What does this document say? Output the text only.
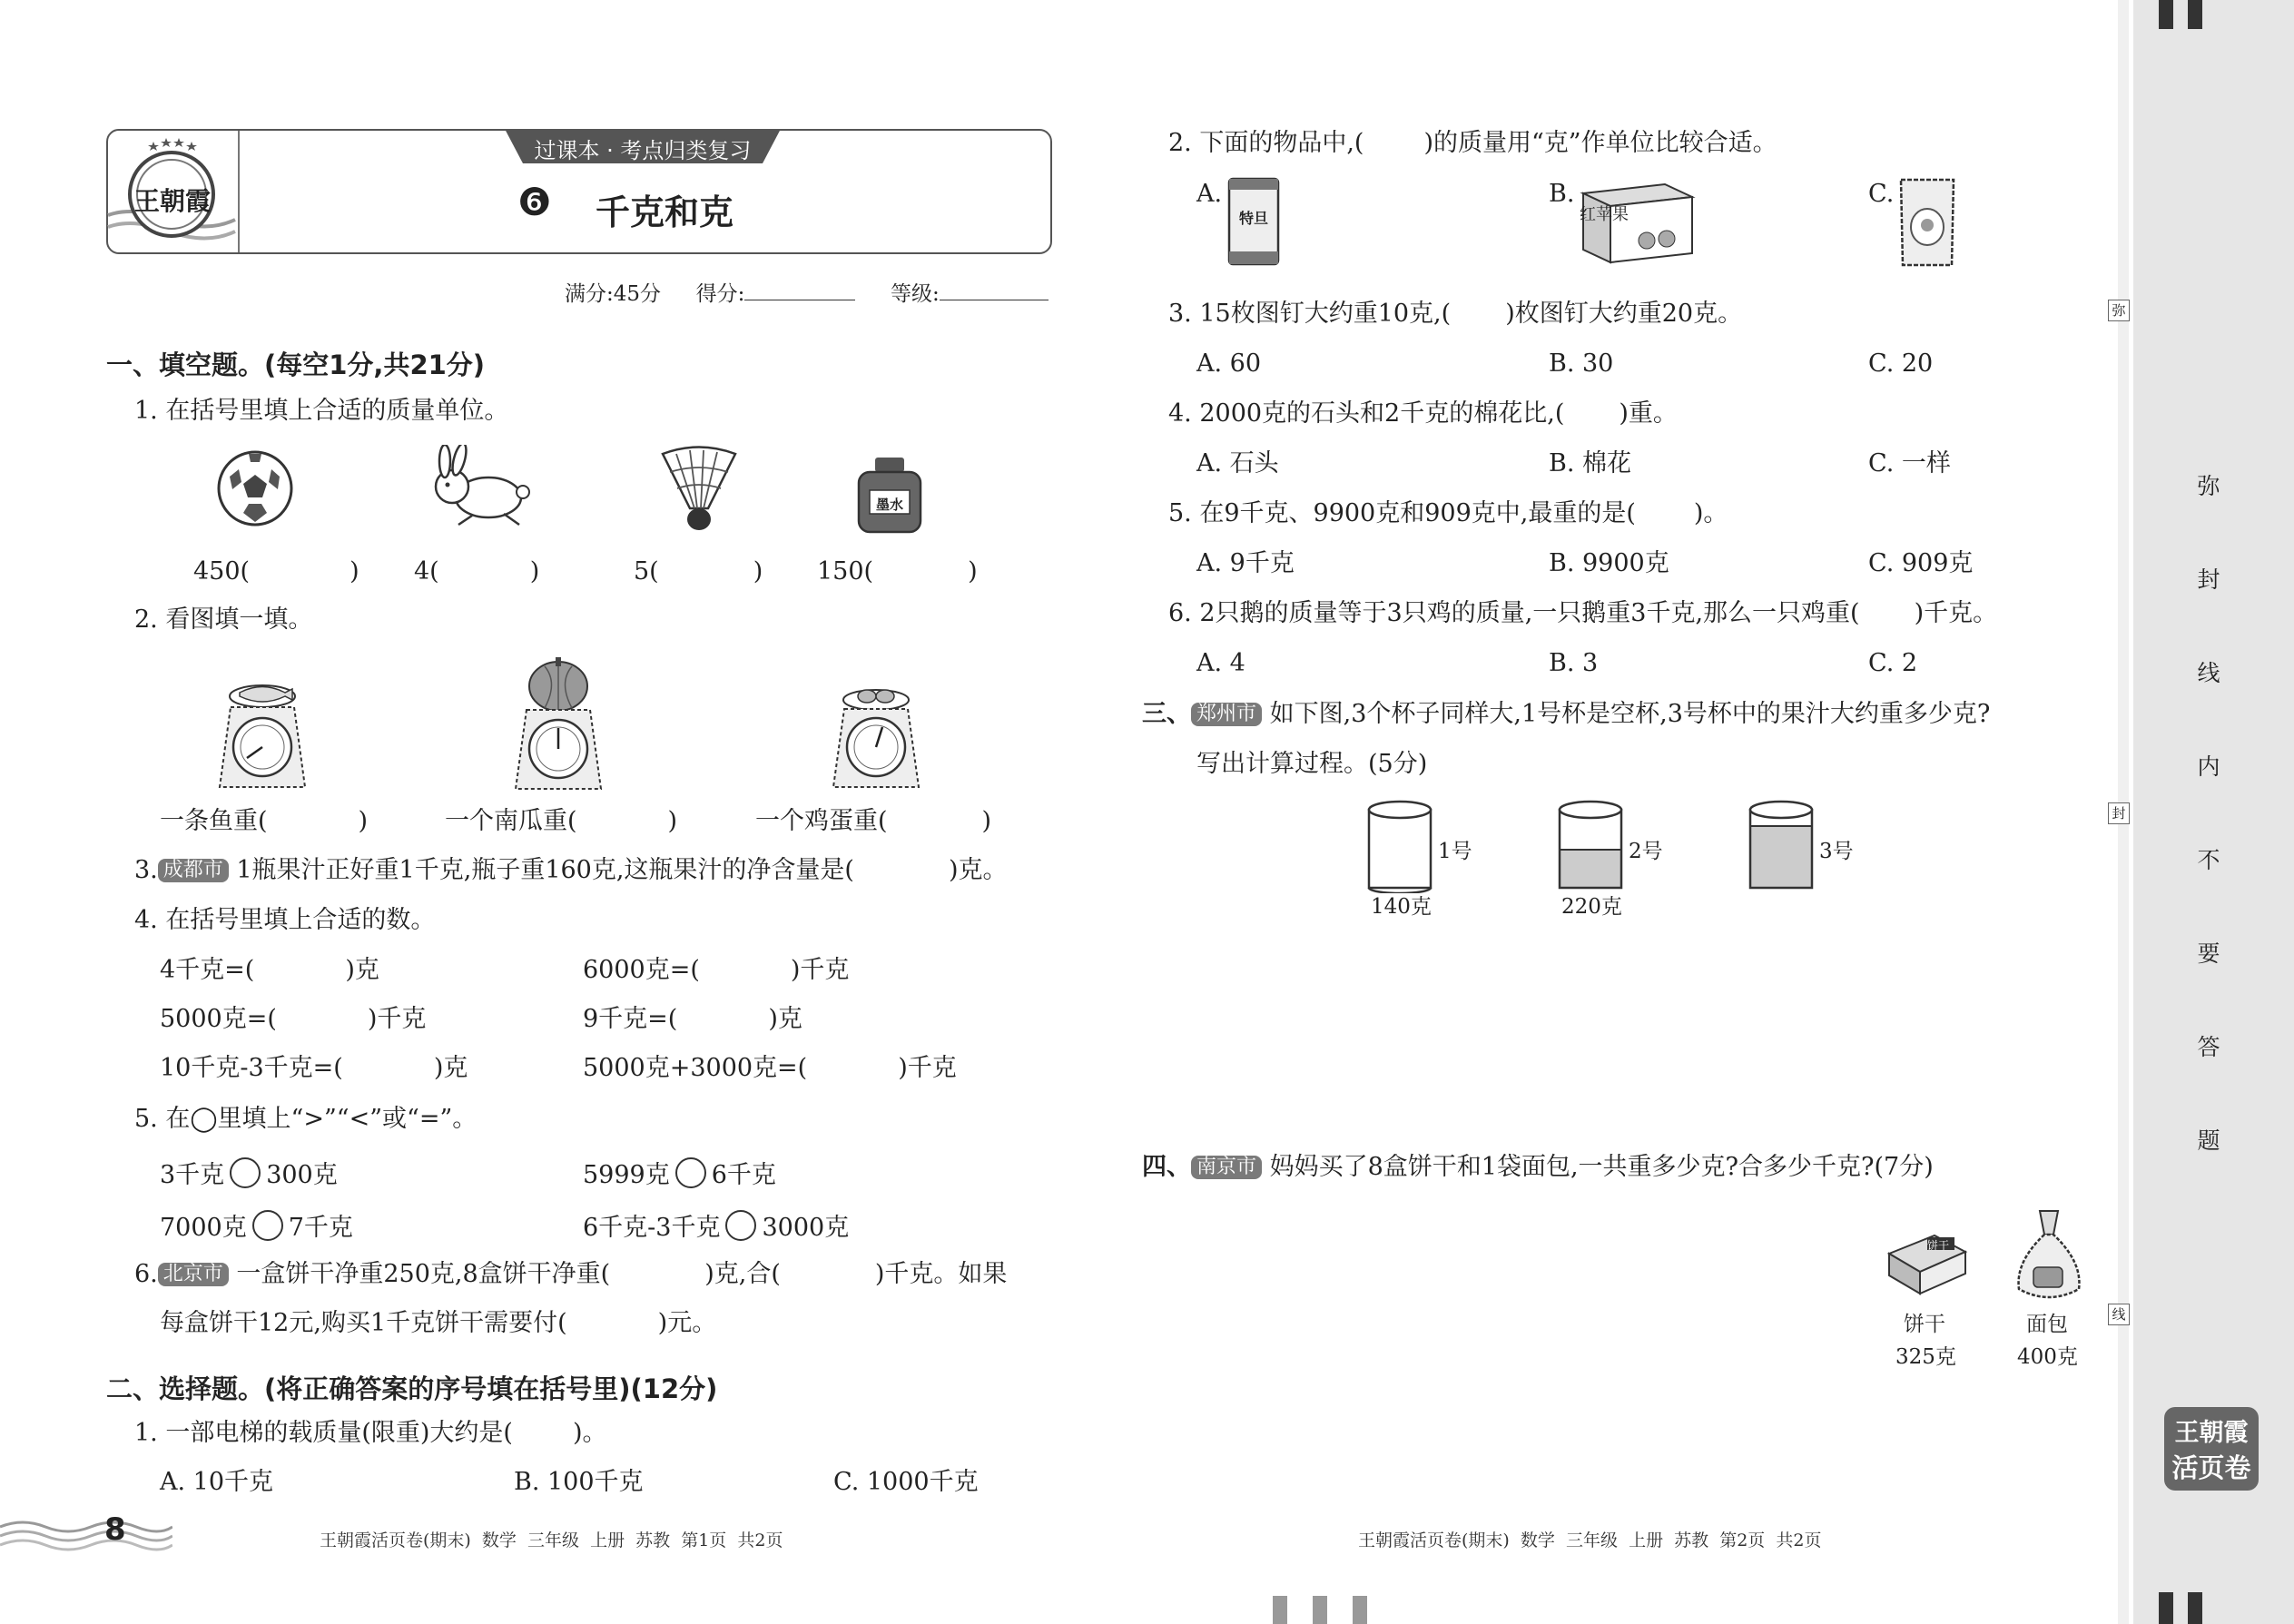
王朝霞
过课本 · 考点归类复习
❻ 千克和克
满分:45分 得分:	等级:
一、填空题。(每空1分,共21分)
1. 在括号里填上合适的质量单位。
墨水
450(	) 4(	)	5(	) 150(	)
2. 看图填一填。
一条鱼重(	)	一个南瓜重(	)	一个鸡蛋重(	)
3. 成都市 1瓶果汁正好重1千克,瓶子重160克,这瓶果汁的净含量是(	)克。
4. 在括号里填上合适的数。
4千克=(	)克	6000克=(	)千克
5000克=(	)千克	9千克=(	)克
10千克-3千克=(	)克	5000克+3000克=(	)千克
5. 在◯里填上“>”“<”或“=”。
3千克 300克	5999克 6千克
7000克 7千克	6千克-3千克 3000克
6. 北京市 一盒饼干净重250克,8盒饼干净重(	)克,合(	)千克。如果
每盒饼干12元,购买1千克饼干需要付(	)元。
二、选择题。(将正确答案的序号填在括号里)(12分)
1. 一部电梯的载质量(限重)大约是( )。
A. 10千克	B. 100千克	C. 1000千克
2. 下面的物品中,( )的质量用“克”作单位比较合适。
A.	B.	C.
特旦	红苹果
3. 15枚图钉大约重10克,( )枚图钉大约重20克。
A. 60	B. 30	C. 20
4. 2000克的石头和2千克的棉花比,( )重。
A. 石头	B. 棉花	C. 一样
5. 在9千克、9900克和909克中,最重的是( )。
A. 9千克	B. 9900克	C. 909克
6. 2只鹅的质量等于3只鸡的质量,一只鹅重3千克,那么一只鸡重( )千克。
A. 4	B. 3	C. 2
三、 郑州市 如下图,3个杯子同样大,1号杯是空杯,3号杯中的果汁大约重多少克?
写出计算过程。(5分)
1号
140克
2号
220克
3号
四、 南京市 妈妈买了8盒饼干和1袋面包,一共重多少克?合多少千克?(7分)
饼干
饼干
325克
面包
400克
8	王朝霞活页卷(期末)  数学  三年级  上册  苏教  第1页  共2页	王朝霞活页卷(期末)  数学  三年级  上册  苏教  第2页  共2页
弥
封
线
弥
封
线
内
不
要
答
题
王朝霞
活页卷
